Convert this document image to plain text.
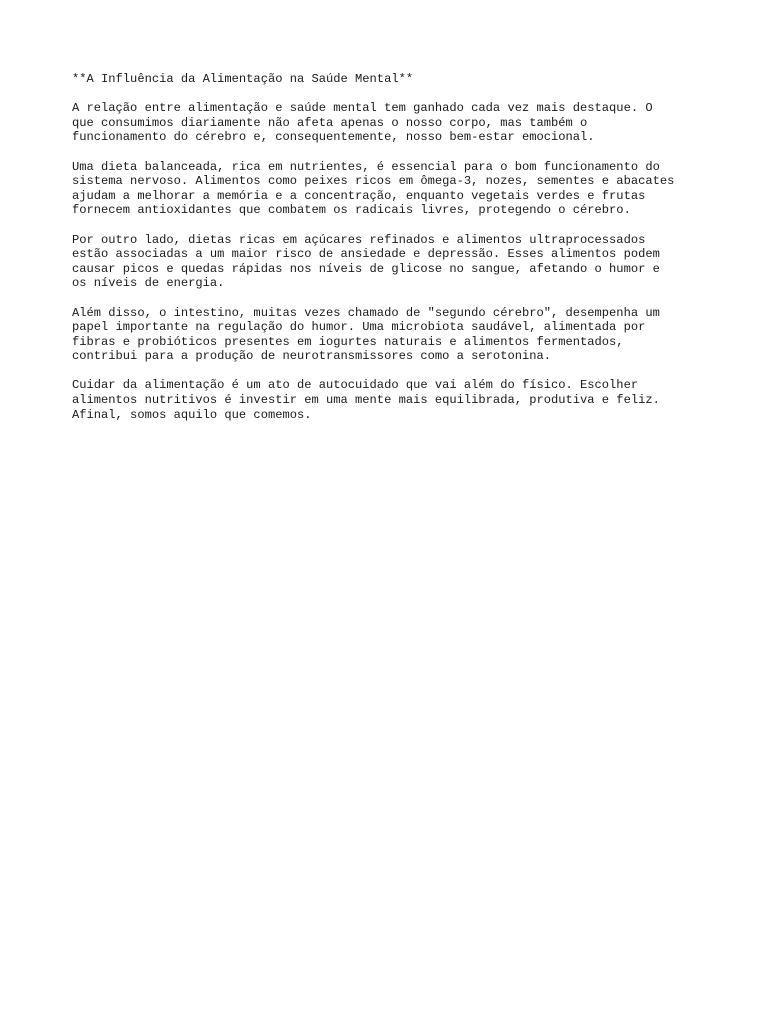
**A Influência da Alimentação na Saúde Mental**

A relação entre alimentação e saúde mental tem ganhado cada vez mais destaque. O
que consumimos diariamente não afeta apenas o nosso corpo, mas também o
funcionamento do cérebro e, consequentemente, nosso bem-estar emocional.

Uma dieta balanceada, rica em nutrientes, é essencial para o bom funcionamento do
sistema nervoso. Alimentos como peixes ricos em ômega-3, nozes, sementes e abacates
ajudam a melhorar a memória e a concentração, enquanto vegetais verdes e frutas
fornecem antioxidantes que combatem os radicais livres, protegendo o cérebro.

Por outro lado, dietas ricas em açúcares refinados e alimentos ultraprocessados
estão associadas a um maior risco de ansiedade e depressão. Esses alimentos podem
causar picos e quedas rápidas nos níveis de glicose no sangue, afetando o humor e
os níveis de energia.

Além disso, o intestino, muitas vezes chamado de "segundo cérebro", desempenha um
papel importante na regulação do humor. Uma microbiota saudável, alimentada por
fibras e probióticos presentes em iogurtes naturais e alimentos fermentados,
contribui para a produção de neurotransmissores como a serotonina.

Cuidar da alimentação é um ato de autocuidado que vai além do físico. Escolher
alimentos nutritivos é investir em uma mente mais equilibrada, produtiva e feliz.
Afinal, somos aquilo que comemos.
